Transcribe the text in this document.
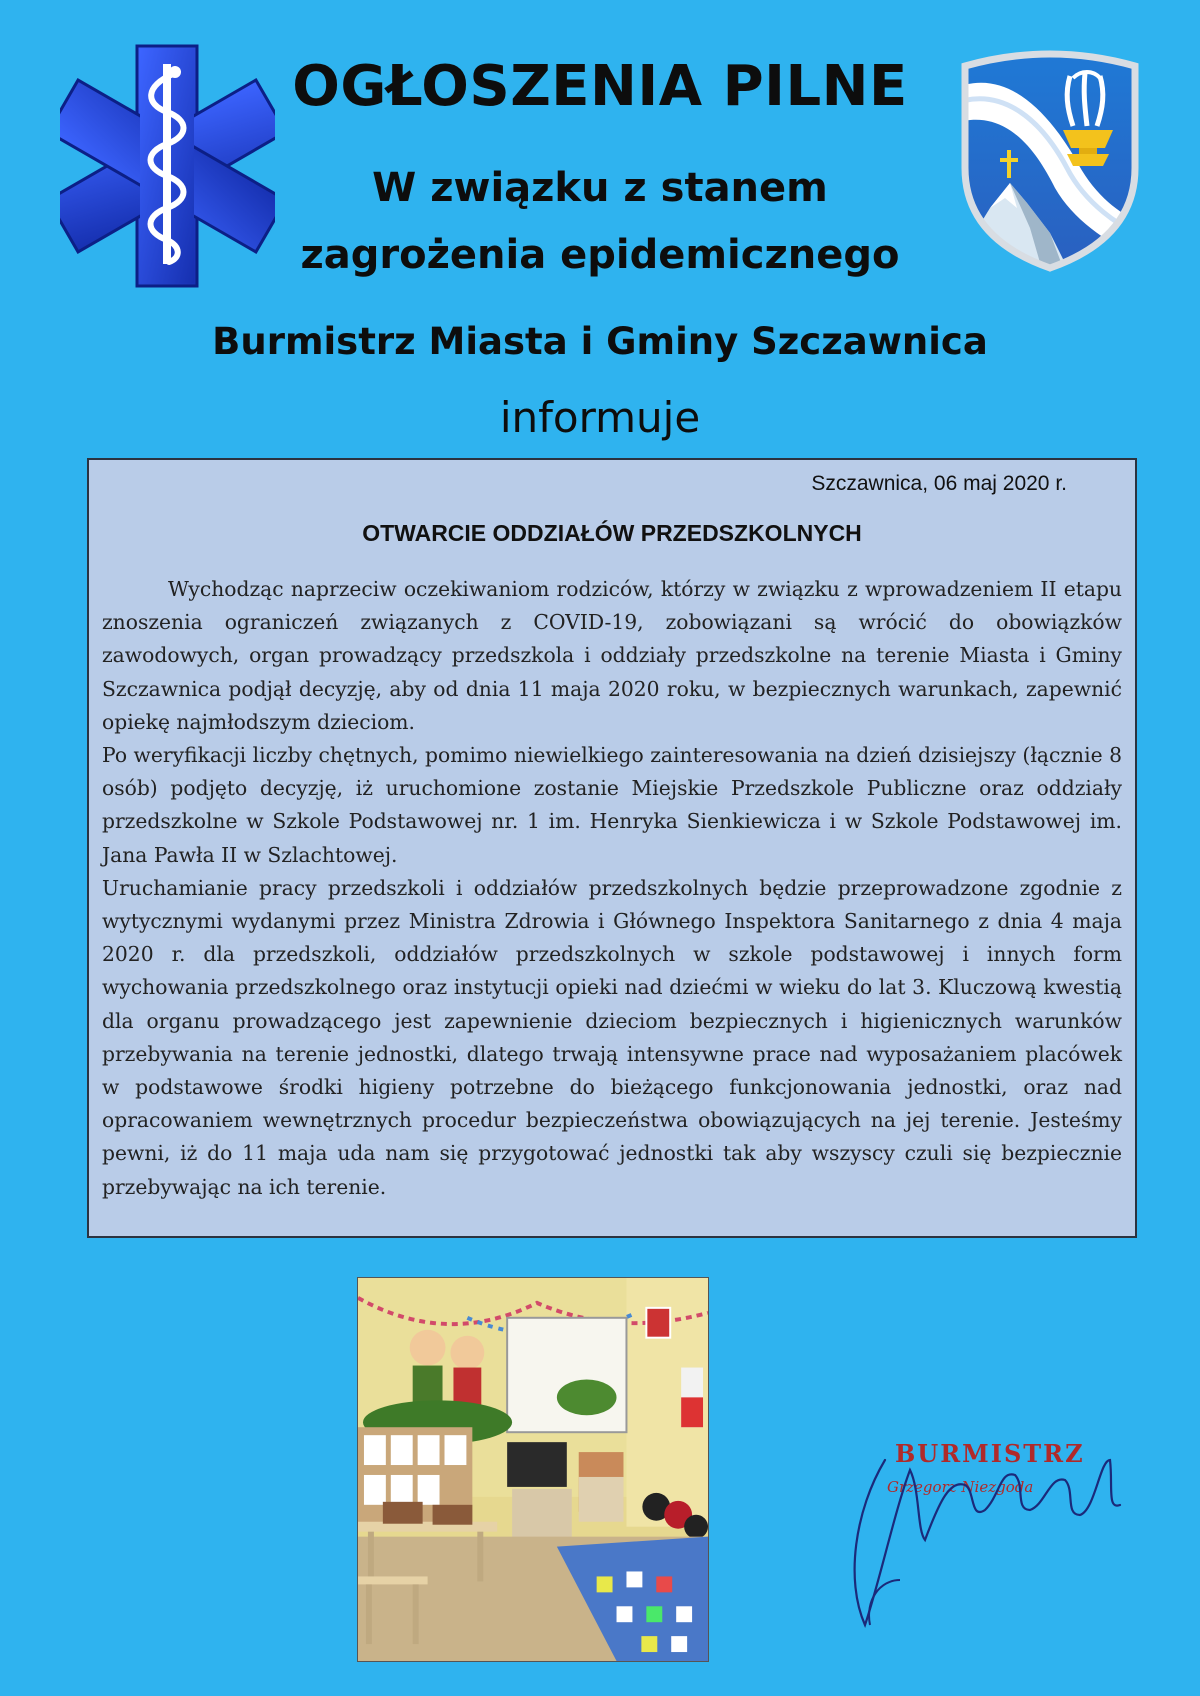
OGŁOSZENIA PILNE
W związku z stanem
zagrożenia epidemicznego
Burmistrz Miasta i Gminy Szczawnica
informuje
Szczawnica, 06 maj 2020 r.
OTWARCIE ODDZIAŁÓW PRZEDSZKOLNYCH

Wychodząc naprzeciw oczekiwaniom rodziców, którzy w związku z wprowadzeniem II etapu znoszenia ograniczeń związanych z COVID-19, zobowiązani są wrócić do obowiązków zawodowych, organ prowadzący przedszkola i oddziały przedszkolne na terenie Miasta i Gminy Szczawnica podjął decyzję, aby od dnia 11 maja 2020 roku, w bezpiecznych warunkach, zapewnić opiekę najmłodszym dzieciom.

Po weryfikacji liczby chętnych, pomimo niewielkiego zainteresowania na dzień dzisiejszy (łącznie 8 osób) podjęto decyzję, iż uruchomione zostanie Miejskie Przedszkole Publiczne oraz oddziały przedszkolne w Szkole Podstawowej nr. 1 im. Henryka Sienkiewicza i w Szkole Podstawowej im. Jana Pawła II w Szlachtowej.

Uruchamianie pracy przedszkoli i oddziałów przedszkolnych będzie przeprowadzone zgodnie z wytycznymi wydanymi przez Ministra Zdrowia i Głównego Inspektora Sanitarnego z dnia 4 maja 2020 r. dla przedszkoli, oddziałów przedszkolnych w szkole podstawowej i innych form wychowania przedszkolnego oraz instytucji opieki nad dziećmi w wieku do lat 3. Kluczową kwestią dla organu prowadzącego jest zapewnienie dzieciom bezpiecznych i higienicznych warunków przebywania na terenie jednostki, dlatego trwają intensywne prace nad wyposażaniem placówek w podstawowe środki higieny potrzebne do bieżącego funkcjonowania jednostki, oraz nad opracowaniem wewnętrznych procedur bezpieczeństwa obowiązujących na jej terenie. Jesteśmy pewni, iż do 11 maja uda nam się przygotować jednostki tak aby wszyscy czuli się bezpiecznie przebywając na ich terenie.

BURMISTRZ
Grzegorz Niezgoda
